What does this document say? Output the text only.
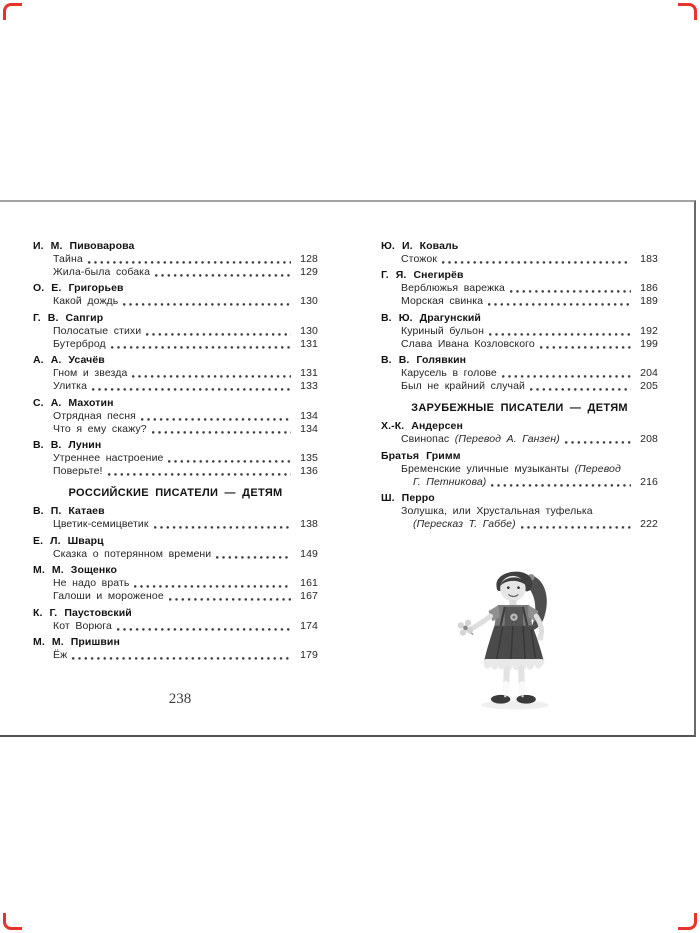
И. М. Пивоварова
Тайна	128
Жила-была собака	129
О. Е. Григорьев
Какой дождь	130
Г. В. Сапгир
Полосатые стихи	130
Бутерброд	131
А. А. Усачёв
Гном и звезда	131
Улитка	133
С. А. Махотин
Отрядная песня	134
Что я ему скажу?	134
В. В. Лунин
Утреннее настроение	135
Поверьте!	136
РОССИЙСКИЕ ПИСАТЕЛИ — ДЕТЯМ
В. П. Катаев
Цветик-семицветик	138
Е. Л. Шварц
Сказка о потерянном времени	149
М. М. Зощенко
Не надо врать	161
Галоши и мороженое	167
К. Г. Паустовский
Кот Ворюга	174
М. М. Пришвин
Ёж	179
Ю. И. Коваль
Стожок	183
Г. Я. Снегирёв
Верблюжья варежка	186
Морская свинка	189
В. Ю. Драгунский
Куриный бульон	192
Слава Ивана Козловского	199
В. В. Голявкин
Карусель в голове	204
Был не крайний случай	205
ЗАРУБЕЖНЫЕ ПИСАТЕЛИ — ДЕТЯМ
Х.-К. Андерсен
Свинопас (Перевод А. Ганзен)	208
Братья Гримм
Бременские уличные музыканты (Перевод
Г. Петникова)	216
Ш. Перро
Золушка, или Хрустальная туфелька
(Пересказ Т. Габбе)	222
238
